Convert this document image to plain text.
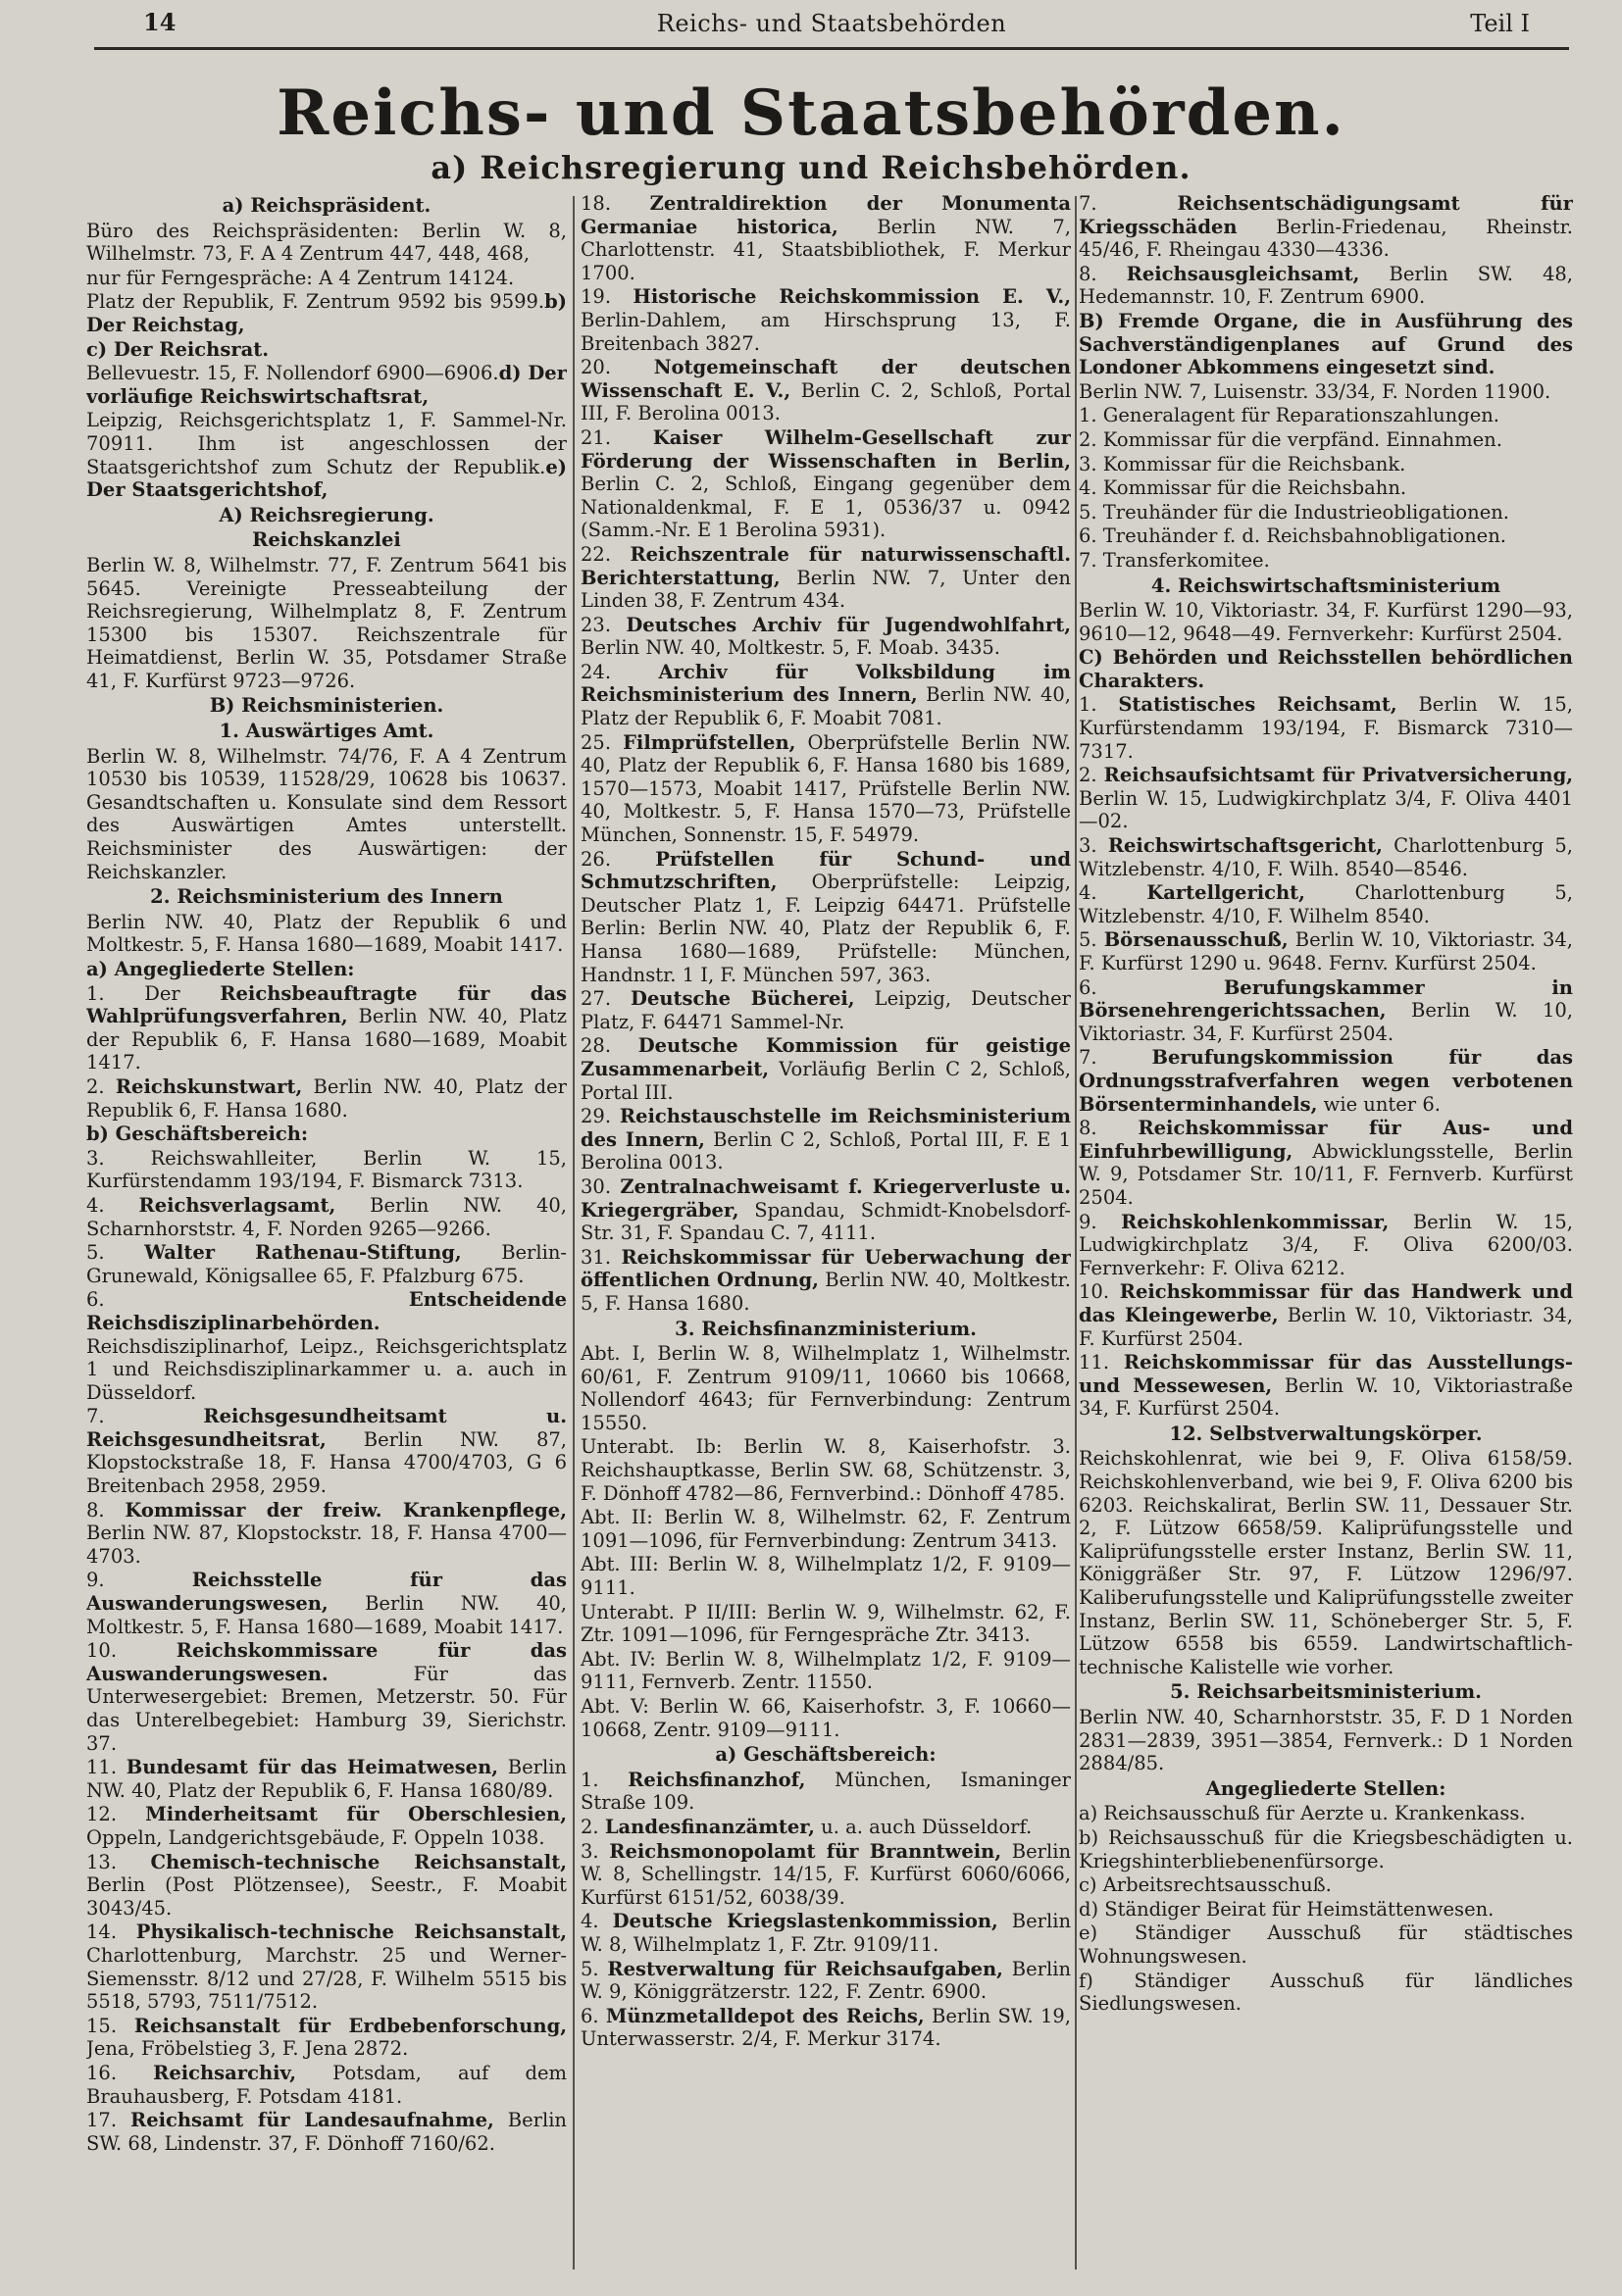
14	Reichs- und Staatsbehörden	Teil I
Reichs- und Staatsbehörden.
a) Reichsregierung und Reichsbehörden.
a) Reichspräsident.
Büro des Reichspräsidenten: Berlin W. 8, Wilhelmstr. 73, F. A 4 Zentrum 447, 448, 468,
nur für Ferngespräche: A 4 Zentrum 14124.
Platz der Republik, F. Zentrum 9592 bis 9599.b) Der Reichstag,
c) Der Reichsrat.
Bellevuestr. 15, F. Nollendorf 6900—6906.d) Der vorläufige Reichswirtschaftsrat,
Leipzig, Reichsgerichtsplatz 1, F. Sammel-Nr. 70911. Ihm ist angeschlossen der Staatsgerichtshof zum Schutz der Republik.e) Der Staatsgerichtshof,
A) Reichsregierung.
Reichskanzlei
Berlin W. 8, Wilhelmstr. 77, F. Zentrum 5641 bis 5645. Vereinigte Presseabteilung der Reichsregierung, Wilhelmplatz 8, F. Zentrum 15300 bis 15307. Reichszentrale für Heimatdienst, Berlin W. 35, Potsdamer Straße 41, F. Kurfürst 9723—9726.
B) Reichsministerien.
1. Auswärtiges Amt.
Berlin W. 8, Wilhelmstr. 74/76, F. A 4 Zentrum 10530 bis 10539, 11528/29, 10628 bis 10637. Gesandtschaften u. Konsulate sind dem Ressort des Auswärtigen Amtes unterstellt. Reichsminister des Auswärtigen: der Reichskanzler.
2. Reichsministerium des Innern
Berlin NW. 40, Platz der Republik 6 und Moltkestr. 5, F. Hansa 1680—1689, Moabit 1417.
a) Angegliederte Stellen:
1. Der Reichsbeauftragte für das Wahlprüfungsverfahren, Berlin NW. 40, Platz der Republik 6, F. Hansa 1680—1689, Moabit 1417.
2. Reichskunstwart, Berlin NW. 40, Platz der Republik 6, F. Hansa 1680.
b) Geschäftsbereich:
3. Reichswahlleiter, Berlin W. 15, Kurfürstendamm 193/194, F. Bismarck 7313.
4. Reichsverlagsamt, Berlin NW. 40, Scharnhorststr. 4, F. Norden 9265—9266.
5. Walter Rathenau-Stiftung, Berlin-Grunewald, Königsallee 65, F. Pfalzburg 675.
6. Entscheidende Reichsdisziplinarbehörden. Reichsdisziplinarhof, Leipz., Reichsgerichtsplatz 1 und Reichsdisziplinarkammer u. a. auch in Düsseldorf.
7. Reichsgesundheitsamt u. Reichsgesundheitsrat, Berlin NW. 87, Klopstockstraße 18, F. Hansa 4700/4703, G 6 Breitenbach 2958, 2959.
8. Kommissar der freiw. Krankenpflege, Berlin NW. 87, Klopstockstr. 18, F. Hansa 4700—4703.
9. Reichsstelle für das Auswanderungswesen, Berlin NW. 40, Moltkestr. 5, F. Hansa 1680—1689, Moabit 1417.
10. Reichskommissare für das Auswanderungswesen. Für das Unterwesergebiet: Bremen, Metzerstr. 50. Für das Unterelbegebiet: Hamburg 39, Sierichstr. 37.
11. Bundesamt für das Heimatwesen, Berlin NW. 40, Platz der Republik 6, F. Hansa 1680/89.
12. Minderheitsamt für Oberschlesien, Oppeln, Landgerichtsgebäude, F. Oppeln 1038.
13. Chemisch-technische Reichsanstalt, Berlin (Post Plötzensee), Seestr., F. Moabit 3043/45.
14. Physikalisch-technische Reichsanstalt, Charlottenburg, Marchstr. 25 und Werner-Siemensstr. 8/12 und 27/28, F. Wilhelm 5515 bis 5518, 5793, 7511/7512.
15. Reichsanstalt für Erdbebenforschung, Jena, Fröbelstieg 3, F. Jena 2872.
16. Reichsarchiv, Potsdam, auf dem Brauhausberg, F. Potsdam 4181.
17. Reichsamt für Landesaufnahme, Berlin SW. 68, Lindenstr. 37, F. Dönhoff 7160/62.
18. Zentraldirektion der Monumenta Germaniae historica, Berlin NW. 7, Charlottenstr. 41, Staatsbibliothek, F. Merkur 1700.
19. Historische Reichskommission E. V., Berlin-Dahlem, am Hirschsprung 13, F. Breitenbach 3827.
20. Notgemeinschaft der deutschen Wissenschaft E. V., Berlin C. 2, Schloß, Portal III, F. Berolina 0013.
21. Kaiser Wilhelm-Gesellschaft zur Förderung der Wissenschaften in Berlin, Berlin C. 2, Schloß, Eingang gegenüber dem Nationaldenkmal, F. E 1, 0536/37 u. 0942 (Samm.-Nr. E 1 Berolina 5931).
22. Reichszentrale für naturwissenschaftl. Berichterstattung, Berlin NW. 7, Unter den Linden 38, F. Zentrum 434.
23. Deutsches Archiv für Jugendwohlfahrt, Berlin NW. 40, Moltkestr. 5, F. Moab. 3435.
24. Archiv für Volksbildung im Reichsministerium des Innern, Berlin NW. 40, Platz der Republik 6, F. Moabit 7081.
25. Filmprüfstellen, Oberprüfstelle Berlin NW. 40, Platz der Republik 6, F. Hansa 1680 bis 1689, 1570—1573, Moabit 1417, Prüfstelle Berlin NW. 40, Moltkestr. 5, F. Hansa 1570—73, Prüfstelle München, Sonnenstr. 15, F. 54979.
26. Prüfstellen für Schund- und Schmutzschriften, Oberprüfstelle: Leipzig, Deutscher Platz 1, F. Leipzig 64471. Prüfstelle Berlin: Berlin NW. 40, Platz der Republik 6, F. Hansa 1680—1689, Prüfstelle: München, Handnstr. 1 I, F. München 597, 363.
27. Deutsche Bücherei, Leipzig, Deutscher Platz, F. 64471 Sammel-Nr.
28. Deutsche Kommission für geistige Zusammenarbeit, Vorläufig Berlin C 2, Schloß, Portal III.
29. Reichstauschstelle im Reichsministerium des Innern, Berlin C 2, Schloß, Portal III, F. E 1 Berolina 0013.
30. Zentralnachweisamt f. Kriegerverluste u. Kriegergräber, Spandau, Schmidt-Knobelsdorf-Str. 31, F. Spandau C. 7, 4111.
31. Reichskommissar für Ueberwachung der öffentlichen Ordnung, Berlin NW. 40, Moltkestr. 5, F. Hansa 1680.
3. Reichsfinanzministerium.
Abt. I, Berlin W. 8, Wilhelmplatz 1, Wilhelmstr. 60/61, F. Zentrum 9109/11, 10660 bis 10668, Nollendorf 4643; für Fernverbindung: Zentrum 15550.
Unterabt. Ib: Berlin W. 8, Kaiserhofstr. 3. Reichshauptkasse, Berlin SW. 68, Schützenstr. 3, F. Dönhoff 4782—86, Fernverbind.: Dönhoff 4785.
Abt. II: Berlin W. 8, Wilhelmstr. 62, F. Zentrum 1091—1096, für Fernverbindung: Zentrum 3413.
Abt. III: Berlin W. 8, Wilhelmplatz 1/2, F. 9109—9111.
Unterabt. P II/III: Berlin W. 9, Wilhelmstr. 62, F. Ztr. 1091—1096, für Ferngespräche Ztr. 3413.
Abt. IV: Berlin W. 8, Wilhelmplatz 1/2, F. 9109—9111, Fernverb. Zentr. 11550.
Abt. V: Berlin W. 66, Kaiserhofstr. 3, F. 10660—10668, Zentr. 9109—9111.
a) Geschäftsbereich:
1. Reichsfinanzhof, München, Ismaninger Straße 109.
2. Landesfinanzämter, u. a. auch Düsseldorf.
3. Reichsmonopolamt für Branntwein, Berlin W. 8, Schellingstr. 14/15, F. Kurfürst 6060/6066, Kurfürst 6151/52, 6038/39.
4. Deutsche Kriegslastenkommission, Berlin W. 8, Wilhelmplatz 1, F. Ztr. 9109/11.
5. Restverwaltung für Reichsaufgaben, Berlin W. 9, Königgrätzerstr. 122, F. Zentr. 6900.
6. Münzmetalldepot des Reichs, Berlin SW. 19, Unterwasserstr. 2/4, F. Merkur 3174.
7. Reichsentschädigungsamt für Kriegsschäden Berlin-Friedenau, Rheinstr. 45/46, F. Rheingau 4330—4336.
8. Reichsausgleichsamt, Berlin SW. 48, Hedemannstr. 10, F. Zentrum 6900.
B) Fremde Organe, die in Ausführung des Sachverständigenplanes auf Grund des Londoner Abkommens eingesetzt sind.
Berlin NW. 7, Luisenstr. 33/34, F. Norden 11900.
1. Generalagent für Reparationszahlungen.
2. Kommissar für die verpfänd. Einnahmen.
3. Kommissar für die Reichsbank.
4. Kommissar für die Reichsbahn.
5. Treuhänder für die Industrieobligationen.
6. Treuhänder f. d. Reichsbahnobligationen.
7. Transferkomitee.
4. Reichswirtschaftsministerium
Berlin W. 10, Viktoriastr. 34, F. Kurfürst 1290—93, 9610—12, 9648—49. Fernverkehr: Kurfürst 2504.
C) Behörden und Reichsstellen behördlichen Charakters.
1. Statistisches Reichsamt, Berlin W. 15, Kurfürstendamm 193/194, F. Bismarck 7310—7317.
2. Reichsaufsichtsamt für Privatversicherung, Berlin W. 15, Ludwigkirchplatz 3/4, F. Oliva 4401—02.
3. Reichswirtschaftsgericht, Charlottenburg 5, Witzlebenstr. 4/10, F. Wilh. 8540—8546.
4. Kartellgericht, Charlottenburg 5, Witzlebenstr. 4/10, F. Wilhelm 8540.
5. Börsenausschuß, Berlin W. 10, Viktoriastr. 34, F. Kurfürst 1290 u. 9648. Fernv. Kurfürst 2504.
6. Berufungskammer in Börsenehrengerichtssachen, Berlin W. 10, Viktoriastr. 34, F. Kurfürst 2504.
7. Berufungskommission für das Ordnungsstrafverfahren wegen verbotenen Börsenterminhandels, wie unter 6.
8. Reichskommissar für Aus- und Einfuhrbewilligung, Abwicklungsstelle, Berlin W. 9, Potsdamer Str. 10/11, F. Fernverb. Kurfürst 2504.
9. Reichskohlenkommissar, Berlin W. 15, Ludwigkirchplatz 3/4, F. Oliva 6200/03. Fernverkehr: F. Oliva 6212.
10. Reichskommissar für das Handwerk und das Kleingewerbe, Berlin W. 10, Viktoriastr. 34, F. Kurfürst 2504.
11. Reichskommissar für das Ausstellungs- und Messewesen, Berlin W. 10, Viktoriastraße 34, F. Kurfürst 2504.
12. Selbstverwaltungskörper.
Reichskohlenrat, wie bei 9, F. Oliva 6158/59. Reichskohlenverband, wie bei 9, F. Oliva 6200 bis 6203. Reichskalirat, Berlin SW. 11, Dessauer Str. 2, F. Lützow 6658/59. Kaliprüfungsstelle und Kaliprüfungsstelle erster Instanz, Berlin SW. 11, Königgräßer Str. 97, F. Lützow 1296/97. Kaliberufungsstelle und Kaliprüfungsstelle zweiter Instanz, Berlin SW. 11, Schöneberger Str. 5, F. Lützow 6558 bis 6559. Landwirtschaftlich-technische Kalistelle wie vorher.
5. Reichsarbeitsministerium.
Berlin NW. 40, Scharnhorststr. 35, F. D 1 Norden 2831—2839, 3951—3854, Fernverk.: D 1 Norden 2884/85.
Angegliederte Stellen:
a) Reichsausschuß für Aerzte u. Krankenkass.
b) Reichsausschuß für die Kriegsbeschädigten u. Kriegshinterbliebenenfürsorge.
c) Arbeitsrechtsausschuß.
d) Ständiger Beirat für Heimstättenwesen.
e) Ständiger Ausschuß für städtisches Wohnungswesen.
f) Ständiger Ausschuß für ländliches Siedlungswesen.
